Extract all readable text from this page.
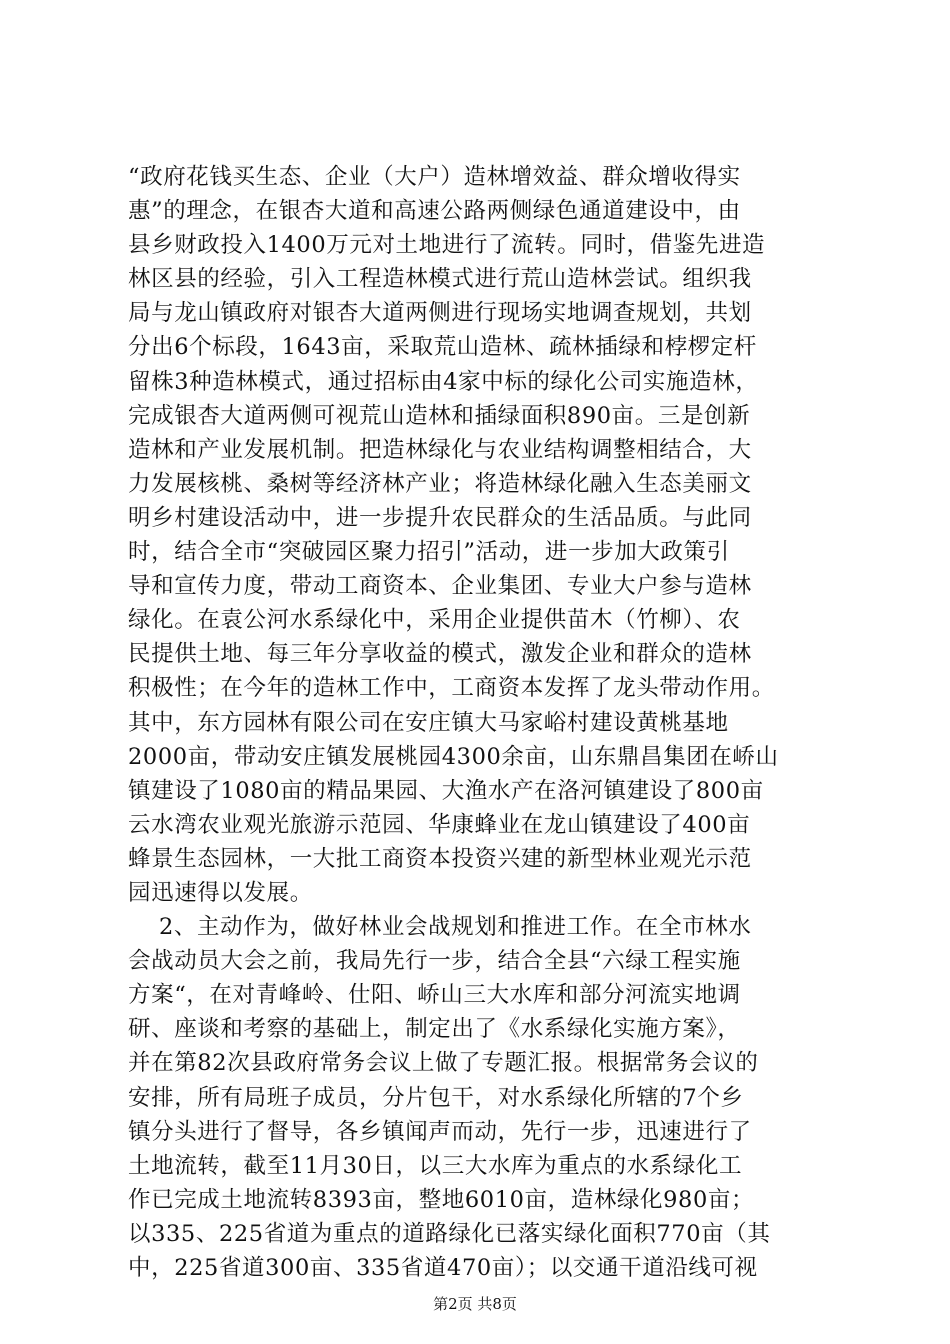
“政府花钱买生态、企业（大户）造林增效益、群众增收得实
惠”的理念，在银杏大道和高速公路两侧绿色通道建设中，由
县乡财政投入1400万元对土地进行了流转。同时，借鉴先进造
林区县的经验，引入工程造林模式进行荒山造林尝试。组织我
局与龙山镇政府对银杏大道两侧进行现场实地调查规划，共划
分出6个标段，1643亩，采取荒山造林、疏林插绿和桲椤定杆
留株3种造林模式，通过招标由4家中标的绿化公司实施造林，
完成银杏大道两侧可视荒山造林和插绿面积890亩。三是创新
造林和产业发展机制。把造林绿化与农业结构调整相结合，大
力发展核桃、桑树等经济林产业；将造林绿化融入生态美丽文
明乡村建设活动中，进一步提升农民群众的生活品质。与此同
时，结合全市“突破园区聚力招引”活动，进一步加大政策引
导和宣传力度，带动工商资本、企业集团、专业大户参与造林
绿化。在袁公河水系绿化中，采用企业提供苗木（竹柳）、农
民提供土地、每三年分享收益的模式，激发企业和群众的造林
积极性；在今年的造林工作中，工商资本发挥了龙头带动作用。
其中，东方园林有限公司在安庄镇大马家峪村建设黄桃基地
2000亩，带动安庄镇发展桃园4300余亩，山东鼎昌集团在峤山
镇建设了1080亩的精品果园、大渔水产在洛河镇建设了800亩
云水湾农业观光旅游示范园、华康蜂业在龙山镇建设了400亩
蜂景生态园林，一大批工商资本投资兴建的新型林业观光示范
园迅速得以发展。
2、主动作为，做好林业会战规划和推进工作。在全市林水
会战动员大会之前，我局先行一步，结合全县“六绿工程实施
方案“，在对青峰岭、仕阳、峤山三大水库和部分河流实地调
研、座谈和考察的基础上，制定出了《水系绿化实施方案》，
并在第82次县政府常务会议上做了专题汇报。根据常务会议的
安排，所有局班子成员，分片包干，对水系绿化所辖的7个乡
镇分头进行了督导，各乡镇闻声而动，先行一步，迅速进行了
土地流转，截至11月30日，以三大水库为重点的水系绿化工
作已完成土地流转8393亩，整地6010亩，造林绿化980亩；
以335、225省道为重点的道路绿化已落实绿化面积770亩（其
中，225省道300亩、335省道470亩）；以交通干道沿线可视
第2页 共8页
